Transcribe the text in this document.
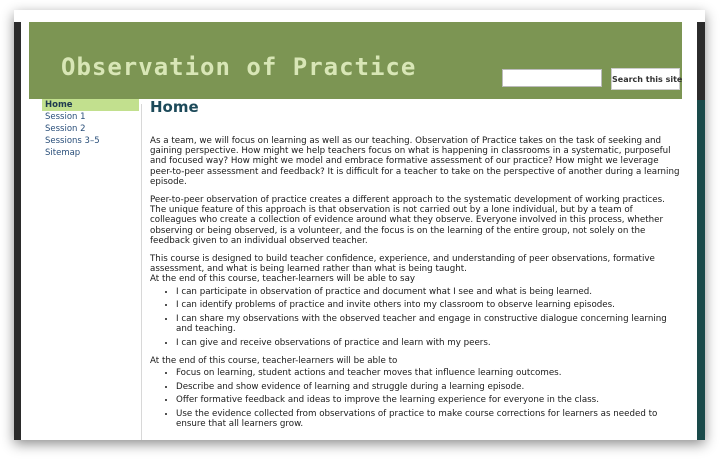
Observation of Practice	Search this site
Home
Session 1
Session 2
Sessions 3–5
Sitemap
Home

As a team, we will focus on learning as well as our teaching. Observation of Practice takes on the task of seeking and gaining perspective. How might we help teachers focus on what is happening in classrooms in a systematic, purposeful and focused way? How might we model and embrace formative assessment of our practice? How might we leverage peer-to-peer assessment and feedback? It is difficult for a teacher to take on the perspective of another during a learning episode.

Peer-to-peer observation of practice creates a different approach to the systematic development of working practices. The unique feature of this approach is that observation is not carried out by a lone individual, but by a team of colleagues who create a collection of evidence around what they observe. Everyone involved in this process, whether observing or being observed, is a volunteer, and the focus is on the learning of the entire group, not solely on the feedback given to an individual observed teacher.

This course is designed to build teacher confidence, experience, and understanding of peer observations, formative assessment, and what is being learned rather than what is being taught.

At the end of this course, teacher-learners will be able to say

• I can participate in observation of practice and document what I see and what is being learned.
• I can identify problems of practice and invite others into my classroom to observe learning episodes.
• I can share my observations with the observed teacher and engage in constructive dialogue concerning learning and teaching.
• I can give and receive observations of practice and learn with my peers.

At the end of this course, teacher-learners will be able to

• Focus on learning, student actions and teacher moves that influence learning outcomes.
• Describe and show evidence of learning and struggle during a learning episode.
• Offer formative feedback and ideas to improve the learning experience for everyone in the class.
• Use the evidence collected from observations of practice to make course corrections for learners as needed to ensure that all learners grow.
